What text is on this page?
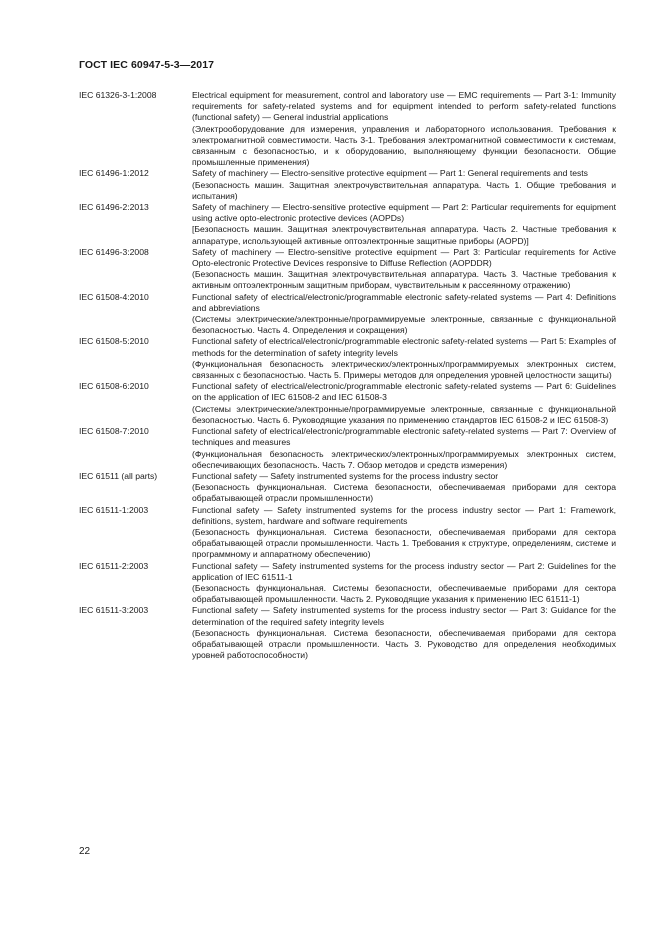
ГОСТ IEC 60947-5-3—2017
IEC 61326-3-1:2008	Electrical equipment for measurement, control and laboratory use — EMC requirements — Part 3-1: Immunity requirements for safety-related systems and for equipment intended to perform safety-related functions (functional safety) — General industrial applications
(Электрооборудование для измерения, управления и лабораторного использования. Требования к электромагнитной совместимости. Часть 3-1. Требования электромагнитной совместимости к системам, связанным с безопасностью, и к оборудованию, выполняющему функции безопасности. Общие промышленные применения)
IEC 61496-1:2012	Safety of machinery — Electro-sensitive protective equipment — Part 1: General requirements and tests
(Безопасность машин. Защитная электрочувствительная аппаратура. Часть 1. Общие требования и испытания)
IEC 61496-2:2013	Safety of machinery — Electro-sensitive protective equipment — Part 2: Particular requirements for equipment using active opto-electronic protective devices (AOPDs)
[Безопасность машин. Защитная электрочувствительная аппаратура. Часть 2. Частные требования к аппаратуре, использующей активные оптоэлектронные защитные приборы (AOPD)]
IEC 61496-3:2008	Safety of machinery — Electro-sensitive protective equipment — Part 3: Particular requirements for Active Opto-electronic Protective Devices responsive to Diffuse Reflection (AOPDDR)
(Безопасность машин. Защитная электрочувствительная аппаратура. Часть 3. Частные требования к активным оптоэлектронным защитным приборам, чувствительным к рассеянному отражению)
IEC 61508-4:2010	Functional safety of electrical/electronic/programmable electronic safety-related systems — Part 4: Definitions and abbreviations
(Системы электрические/электронные/программируемые электронные, связанные с функциональной безопасностью. Часть 4. Определения и сокращения)
IEC 61508-5:2010	Functional safety of electrical/electronic/programmable electronic safety-related systems — Part 5: Examples of methods for the determination of safety integrity levels
(Функциональная безопасность электрических/электронных/программируемых электронных систем, связанных с безопасностью. Часть 5. Примеры методов для определения уровней целостности защиты)
IEC 61508-6:2010	Functional safety of electrical/electronic/programmable electronic safety-related systems — Part 6: Guidelines on the application of IEC 61508-2 and IEC 61508-3
(Системы электрические/электронные/программируемые электронные, связанные с функциональной безопасностью. Часть 6. Руководящие указания по применению стандартов IEC 61508-2 и IEC 61508-3)
IEC 61508-7:2010	Functional safety of electrical/electronic/programmable electronic safety-related systems — Part 7: Overview of techniques and measures
(Функциональная безопасность электрических/электронных/программируемых электронных систем, обеспечивающих безопасность. Часть 7. Обзор методов и средств измерения)
IEC 61511 (all parts)	Functional safety — Safety instrumented systems for the process industry sector
(Безопасность функциональная. Система безопасности, обеспечиваемая приборами для сектора обрабатывающей отрасли промышленности)
IEC 61511-1:2003	Functional safety — Safety instrumented systems for the process industry sector — Part 1: Framework, definitions, system, hardware and software requirements
(Безопасность функциональная. Система безопасности, обеспечиваемая приборами для сектора обрабатывающей отрасли промышленности. Часть 1. Требования к структуре, определениям, системе и программному и аппаратному обеспечению)
IEC 61511-2:2003	Functional safety — Safety instrumented systems for the process industry sector — Part 2: Guidelines for the application of IEC 61511-1
(Безопасность функциональная. Системы безопасности, обеспечиваемые приборами для сектора обрабатывающей промышленности. Часть 2. Руководящие указания к применению IEC 61511-1)
IEC 61511-3:2003	Functional safety — Safety instrumented systems for the process industry sector — Part 3: Guidance for the determination of the required safety integrity levels
(Безопасность функциональная. Система безопасности, обеспечиваемая приборами для сектора обрабатывающей отрасли промышленности. Часть 3. Руководство для определения необходимых уровней работоспособности)
22
